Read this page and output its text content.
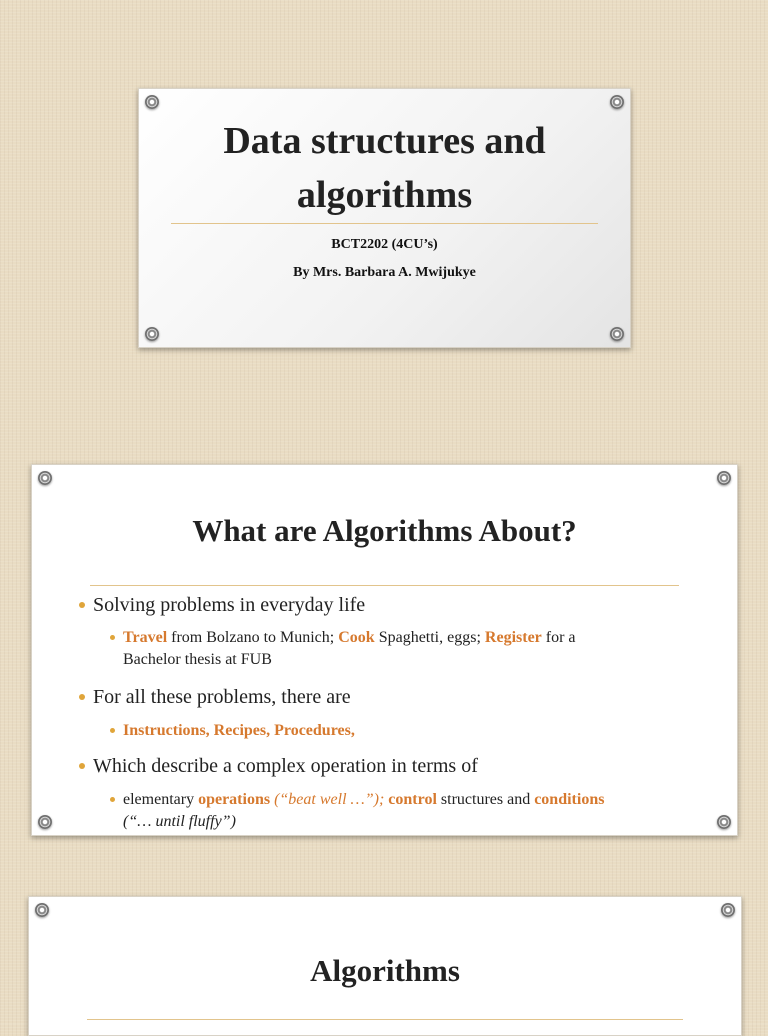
Data structures and
algorithms
BCT2202 (4CU’s)
By Mrs. Barbara A. Mwijukye
What are Algorithms About?
Solving problems in everyday life
Travel from Bolzano to Munich; Cook Spaghetti, eggs; Register for a
Bachelor thesis at FUB
For all these problems, there are
Instructions, Recipes, Procedures,
Which describe a complex operation in terms of
elementary operations (“beat well …”); control structures and conditions
(“… until fluffy”)
Algorithms
